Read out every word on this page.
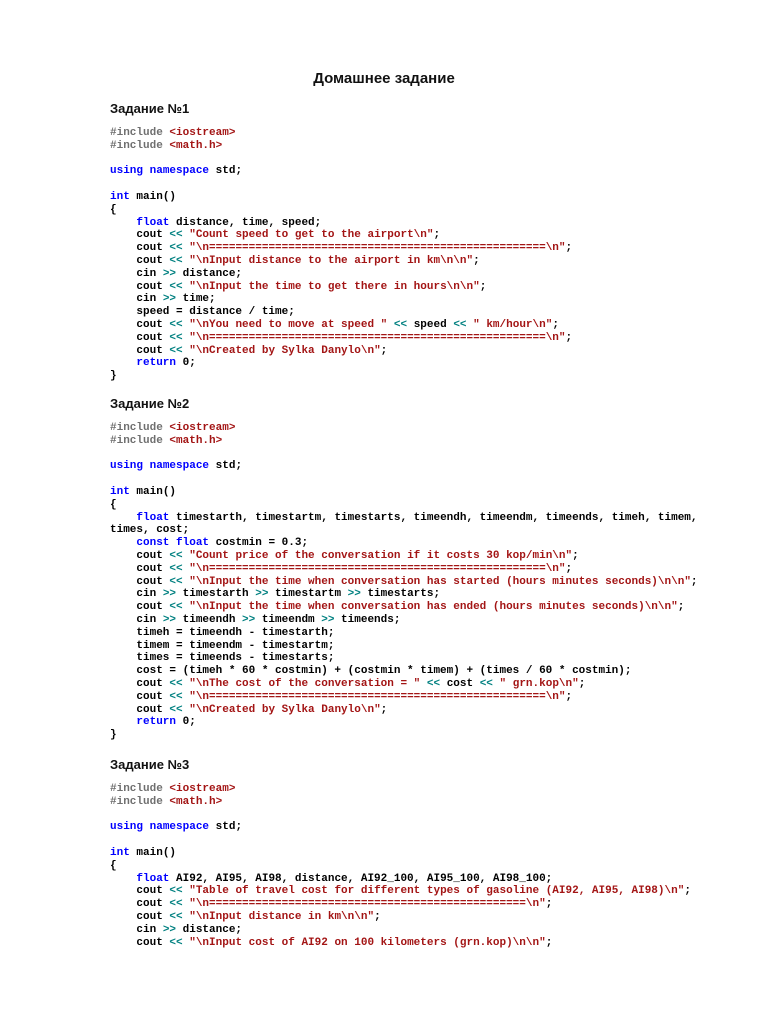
Домашнее задание
Задание №1
#include <iostream>
#include <math.h>
using namespace std;
int main()
{
float distance, time, speed;
cout << "Count speed to get to the airport\n";
cout << "\n===================================================\n";
cout << "\nInput distance to the airport in km\n\n";
cin >> distance;
cout << "\nInput the time to get there in hours\n\n";
cin >> time;
speed = distance / time;
cout << "\nYou need to move at speed " << speed << " km/hour\n";
cout << "\n===================================================\n";
cout << "\nCreated by Sylka Danylo\n";
return 0;
}
Задание №2
#include <iostream>
#include <math.h>
using namespace std;
int main()
{
float timestarth, timestartm, timestarts, timeendh, timeendm, timeends, timeh, timem,
times, cost;
const float costmin = 0.3;
cout << "Count price of the conversation if it costs 30 kop/min\n";
cout << "\n===================================================\n";
cout << "\nInput the time when conversation has started (hours minutes seconds)\n\n";
cin >> timestarth >> timestartm >> timestarts;
cout << "\nInput the time when conversation has ended (hours minutes seconds)\n\n";
cin >> timeendh >> timeendm >> timeends;
timeh = timeendh - timestarth;
timem = timeendm - timestartm;
times = timeends - timestarts;
cost = (timeh * 60 * costmin) + (costmin * timem) + (times / 60 * costmin);
cout << "\nThe cost of the conversation = " << cost << " grn.kop\n";
cout << "\n===================================================\n";
cout << "\nCreated by Sylka Danylo\n";
return 0;
}
Задание №3
#include <iostream>
#include <math.h>
using namespace std;
int main()
{
float AI92, AI95, AI98, distance, AI92_100, AI95_100, AI98_100;
cout << "Table of travel cost for different types of gasoline (AI92, AI95, AI98)\n";
cout << "\n================================================\n";
cout << "\nInput distance in km\n\n";
cin >> distance;
cout << "\nInput cost of AI92 on 100 kilometers (grn.kop)\n\n";
